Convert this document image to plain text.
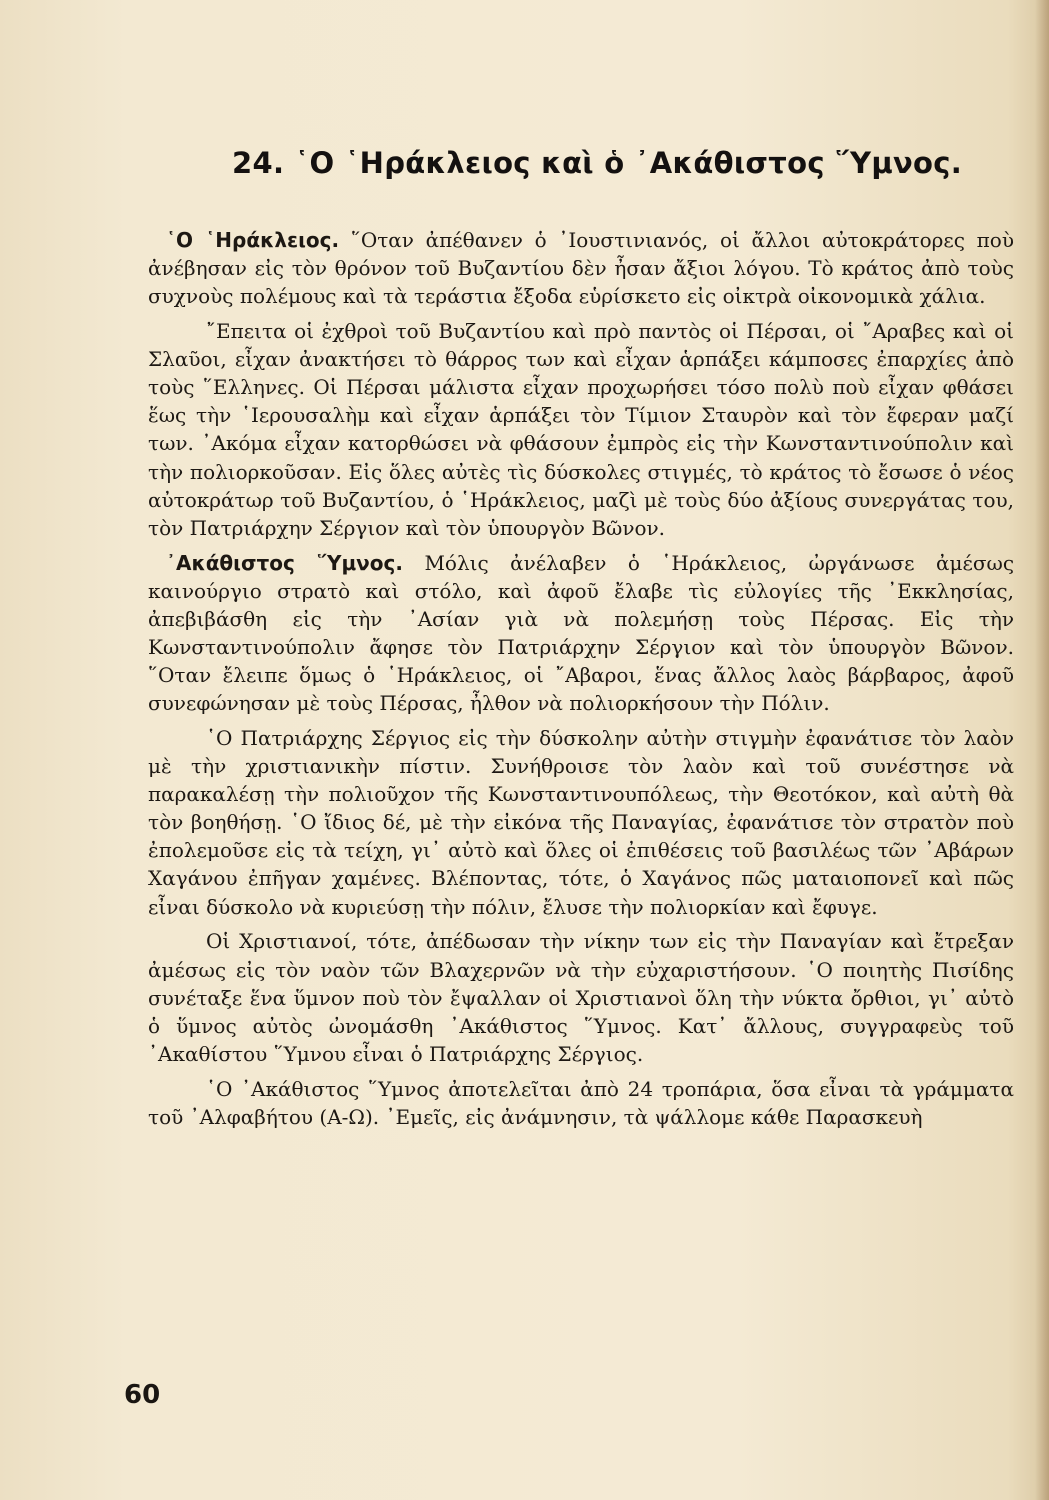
24. ῾Ο ῾Ηράκλειος καὶ ὁ ᾿Ακάθιστος ῞Υμνος.

῾Ο ῾Ηράκλειος. ῞Οταν ἀπέθανεν ὁ ᾿Ιουστινιανός, οἱ ἄλλοι αὐτοκράτορες ποὺ ἀνέβησαν εἰς τὸν θρόνον τοῦ Βυζαντίου δὲν ἦσαν ἄξιοι λόγου. Τὸ κράτος ἀπὸ τοὺς συχνοὺς πολέμους καὶ τὰ τεράστια ἔξοδα εὑρίσκετο εἰς οἰκτρὰ οἰκονομικὰ χάλια.

῎Επειτα οἱ ἐχθροὶ τοῦ Βυζαντίου καὶ πρὸ παντὸς οἱ Πέρσαι, οἱ ῎Αραβες καὶ οἱ Σλαῦοι, εἶχαν ἀνακτήσει τὸ θάρρος των καὶ εἶχαν ἁρπάξει κάμποσες ἐπαρχίες ἀπὸ τοὺς ῞Ελληνες. Οἱ Πέρσαι μάλιστα εἶχαν προχωρήσει τόσο πολὺ ποὺ εἶχαν φθάσει ἕως τὴν ῾Ιερουσαλὴμ καὶ εἶχαν ἁρπάξει τὸν Τίμιον Σταυρὸν καὶ τὸν ἔφεραν μαζί των. ᾿Ακόμα εἶχαν κατορθώσει νὰ φθάσουν ἐμπρὸς εἰς τὴν Κωνσταντινούπολιν καὶ τὴν πολιορκοῦσαν. Εἰς ὅλες αὐτὲς τὶς δύσκολες στιγμές, τὸ κράτος τὸ ἔσωσε ὁ νέος αὐτοκράτωρ τοῦ Βυζαντίου, ὁ ῾Ηράκλειος, μαζὶ μὲ τοὺς δύο ἀξίους συνεργάτας του, τὸν Πατριάρχην Σέργιον καὶ τὸν ὑπουργὸν Βῶνον.

᾿Ακάθιστος ῞Υμνος. Μόλις ἀνέλαβεν ὁ ῾Ηράκλειος, ὠργάνωσε ἀμέσως καινούργιο στρατὸ καὶ στόλο, καὶ ἀφοῦ ἔλαβε τὶς εὐλογίες τῆς ᾿Εκκλησίας, ἀπεβιβάσθη εἰς τὴν ᾿Ασίαν γιὰ νὰ πολεμήσῃ τοὺς Πέρσας. Εἰς τὴν Κωνσταντινούπολιν ἄφησε τὸν Πατριάρχην Σέργιον καὶ τὸν ὑπουργὸν Βῶνον. ῞Οταν ἔλειπε ὅμως ὁ ῾Ηράκλειος, οἱ ῎Αβαροι, ἕνας ἄλλος λαὸς βάρβαρος, ἀφοῦ συνεφώνησαν μὲ τοὺς Πέρσας, ἦλθον νὰ πολιορκήσουν τὴν Πόλιν.

῾Ο Πατριάρχης Σέργιος εἰς τὴν δύσκολην αὐτὴν στιγμὴν ἐφανάτισε τὸν λαὸν μὲ τὴν χριστιανικὴν πίστιν. Συνήθροισε τὸν λαὸν καὶ τοῦ συνέστησε νὰ παρακαλέσῃ τὴν πολιοῦχον τῆς Κωνσταντινουπόλεως, τὴν Θεοτόκον, καὶ αὐτὴ θὰ τὸν βοηθήσῃ. ῾Ο ἴδιος δέ, μὲ τὴν εἰκόνα τῆς Παναγίας, ἐφανάτισε τὸν στρατὸν ποὺ ἐπολεμοῦσε εἰς τὰ τείχη, γι᾿ αὐτὸ καὶ ὅλες οἱ ἐπιθέσεις τοῦ βασιλέως τῶν ᾿Αβάρων Χαγάνου ἐπῆγαν χαμένες. Βλέποντας, τότε, ὁ Χαγάνος πῶς ματαιοπονεῖ καὶ πῶς εἶναι δύσκολο νὰ κυριεύσῃ τὴν πόλιν, ἔλυσε τὴν πολιορκίαν καὶ ἔφυγε.

Οἱ Χριστιανοί, τότε, ἀπέδωσαν τὴν νίκην των εἰς τὴν Παναγίαν καὶ ἔτρεξαν ἀμέσως εἰς τὸν ναὸν τῶν Βλαχερνῶν νὰ τὴν εὐχαριστήσουν. ῾Ο ποιητὴς Πισίδης συνέταξε ἕνα ὕμνον ποὺ τὸν ἔψαλλαν οἱ Χριστιανοὶ ὅλη τὴν νύκτα ὄρθιοι, γι᾿ αὐτὸ ὁ ὕμνος αὐτὸς ὠνομάσθη ᾿Ακάθιστος ῞Υμνος. Κατ᾿ ἄλλους, συγγραφεὺς τοῦ ᾿Ακαθίστου ῞Υμνου εἶναι ὁ Πατριάρχης Σέργιος.

῾Ο ᾿Ακάθιστος ῞Υμνος ἀποτελεῖται ἀπὸ 24 τροπάρια, ὅσα εἶναι τὰ γράμματα τοῦ ᾿Αλφαβήτου (Α-Ω). ᾿Εμεῖς, εἰς ἀνάμνησιν, τὰ ψάλλομε κάθε Παρασκευὴ

60
